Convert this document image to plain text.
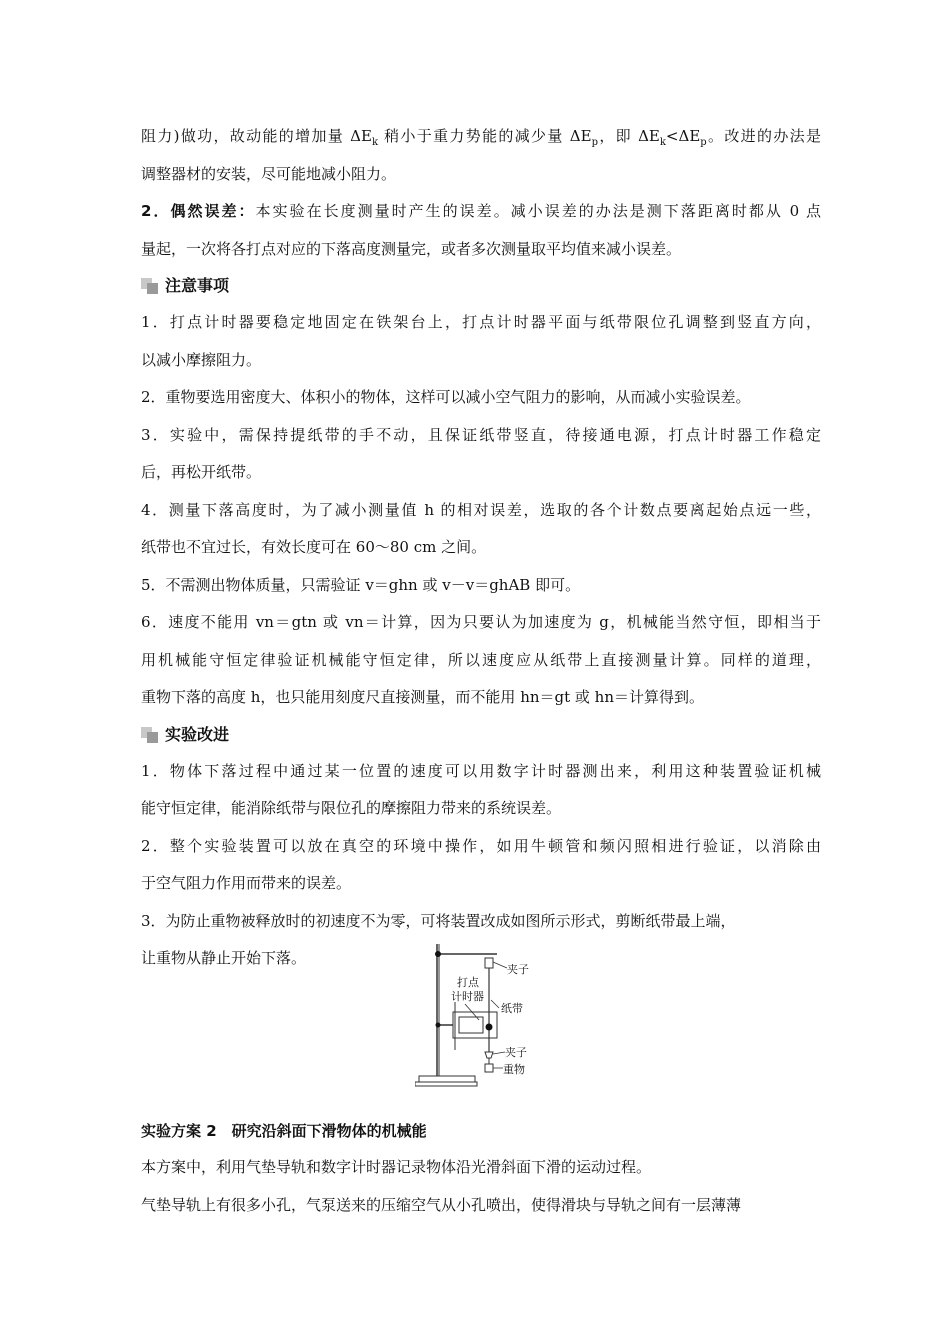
阻力)做功，故动能的增加量 $\Delta E_k$ 稍小于重力势能的减少量 $\Delta E_p$，即 $\Delta E_k<\Delta E_p$。改进的办法是
调整器材的安装，尽可能地减小阻力。
2．偶然误差：本实验在长度测量时产生的误差。减小误差的办法是测下落距离时都从 0 点
量起，一次将各打点对应的下落高度测量完，或者多次测量取平均值来减小误差。
注意事项
1．打点计时器要稳定地固定在铁架台上，打点计时器平面与纸带限位孔调整到竖直方向，
以减小摩擦阻力。
2．重物要选用密度大、体积小的物体，这样可以减小空气阻力的影响，从而减小实验误差。
3．实验中，需保持提纸带的手不动，且保证纸带竖直，待接通电源，打点计时器工作稳定
后，再松开纸带。
4．测量下落高度时，为了减小测量值 h 的相对误差，选取的各个计数点要离起始点远一些，
纸带也不宜过长，有效长度可在 60～80 cm 之间。
5．不需测出物体质量，只需验证 v＝ghn 或 v－v＝ghAB 即可。
6．速度不能用 vn＝gtn 或 vn＝计算，因为只要认为加速度为 g，机械能当然守恒，即相当于
用机械能守恒定律验证机械能守恒定律，所以速度应从纸带上直接测量计算。同样的道理，
重物下落的高度 h，也只能用刻度尺直接测量，而不能用 hn＝gt 或 hn＝计算得到。
实验改进
1．物体下落过程中通过某一位置的速度可以用数字计时器测出来，利用这种装置验证机械
能守恒定律，能消除纸带与限位孔的摩擦阻力带来的系统误差。
2．整个实验装置可以放在真空的环境中操作，如用牛顿管和频闪照相进行验证，以消除由
于空气阻力作用而带来的误差。
3．为防止重物被释放时的初速度不为零，可将装置改成如图所示形式，剪断纸带最上端，
让重物从静止开始下落。
夹子
打点
计时器
纸带
夹子
重物
实验方案 2　研究沿斜面下滑物体的机械能
本方案中，利用气垫导轨和数字计时器记录物体沿光滑斜面下滑的运动过程。
气垫导轨上有很多小孔，气泵送来的压缩空气从小孔喷出，使得滑块与导轨之间有一层薄薄
